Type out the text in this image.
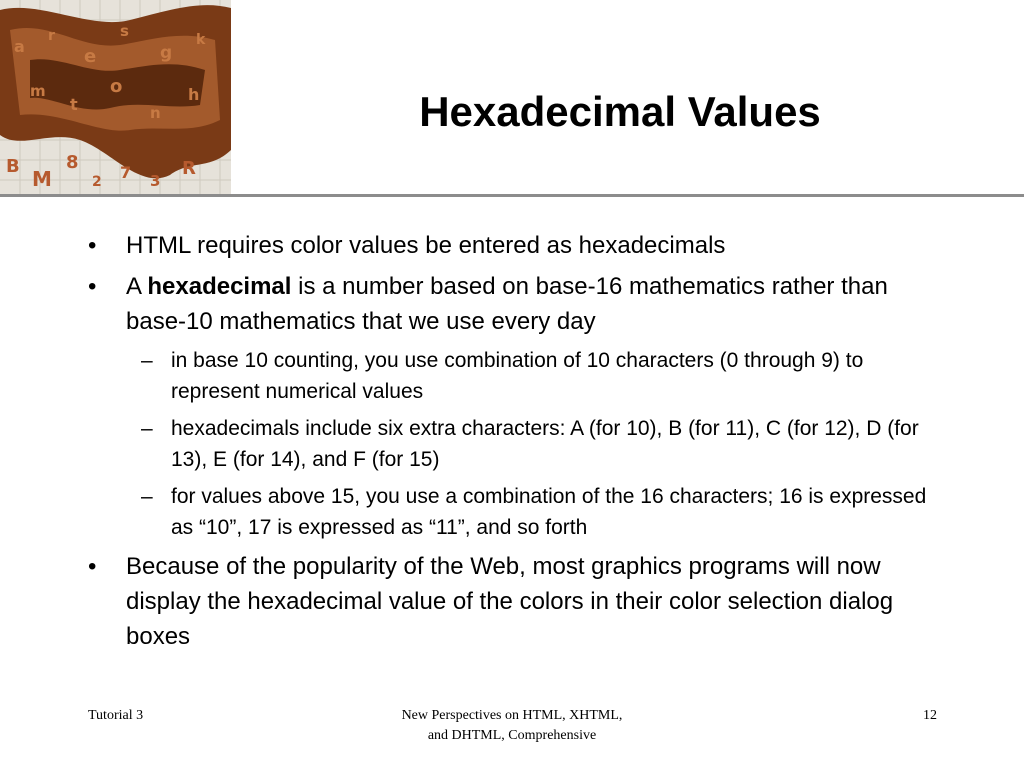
a
r
e
s
g
k
m
t
o
n
h
B
M
8
2 7 3
R
Hexadecimal Values
• HTML requires color values be entered as hexadecimals
• A hexadecimal is a number based on base-16 mathematics rather than base-10 mathematics that we use every day
– in base 10 counting, you use combination of 10 characters (0 through 9) to represent numerical values
– hexadecimals include six extra characters: A (for 10), B (for 11), C (for 12), D (for 13), E (for 14), and F (for 15)
– for values above 15, you use a combination of the 16 characters; 16 is expressed as “10”, 17 is expressed as “11”, and so forth
• Because of the popularity of the Web, most graphics programs will now display the hexadecimal value of the colors in their color selection dialog boxes
Tutorial 3	New Perspectives on HTML, XHTML,
and DHTML, Comprehensive
12
